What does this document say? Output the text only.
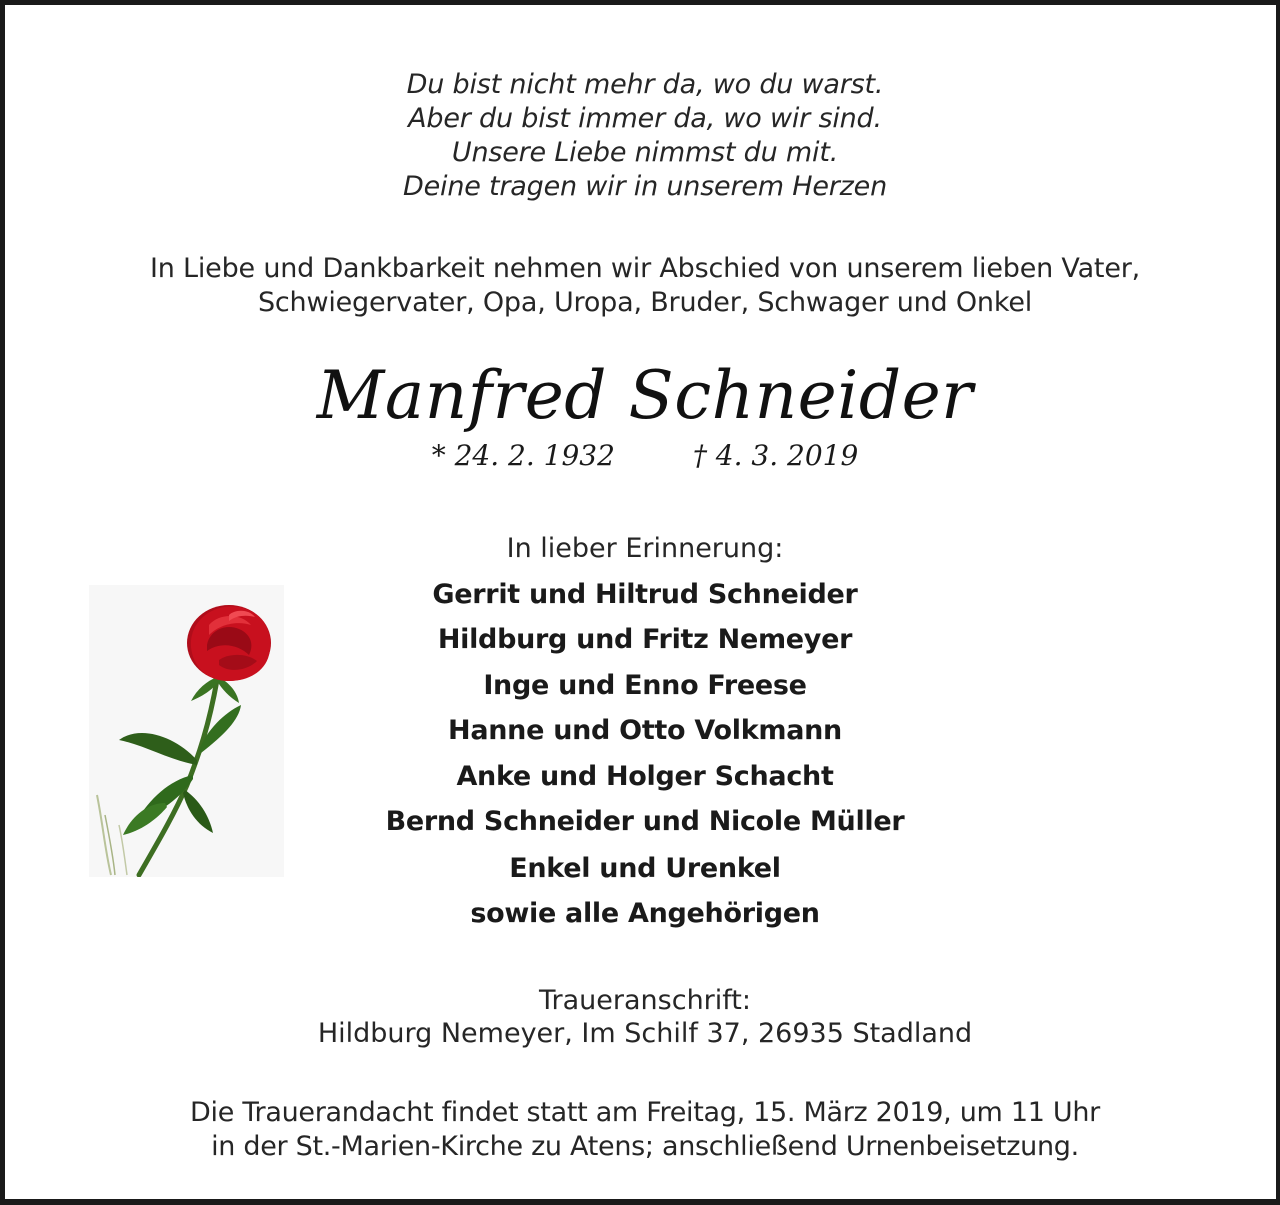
Du bist nicht mehr da, wo du warst.
Aber du bist immer da, wo wir sind.
Unsere Liebe nimmst du mit.
Deine tragen wir in unserem Herzen
In Liebe und Dankbarkeit nehmen wir Abschied von unserem lieben Vater,
Schwiegervater, Opa, Uropa, Bruder, Schwager und Onkel
Manfred Schneider
* 24. 2. 1932	† 4. 3. 2019
In lieber Erinnerung:
Gerrit und Hiltrud Schneider
Hildburg und Fritz Nemeyer
Inge und Enno Freese
Hanne und Otto Volkmann
Anke und Holger Schacht
Bernd Schneider und Nicole Müller
Enkel und Urenkel
sowie alle Angehörigen
Traueranschrift:
Hildburg Nemeyer, Im Schilf 37, 26935 Stadland
Die Trauerandacht findet statt am Freitag, 15. März 2019, um 11 Uhr
in der St.-Marien-Kirche zu Atens; anschließend Urnenbeisetzung.
